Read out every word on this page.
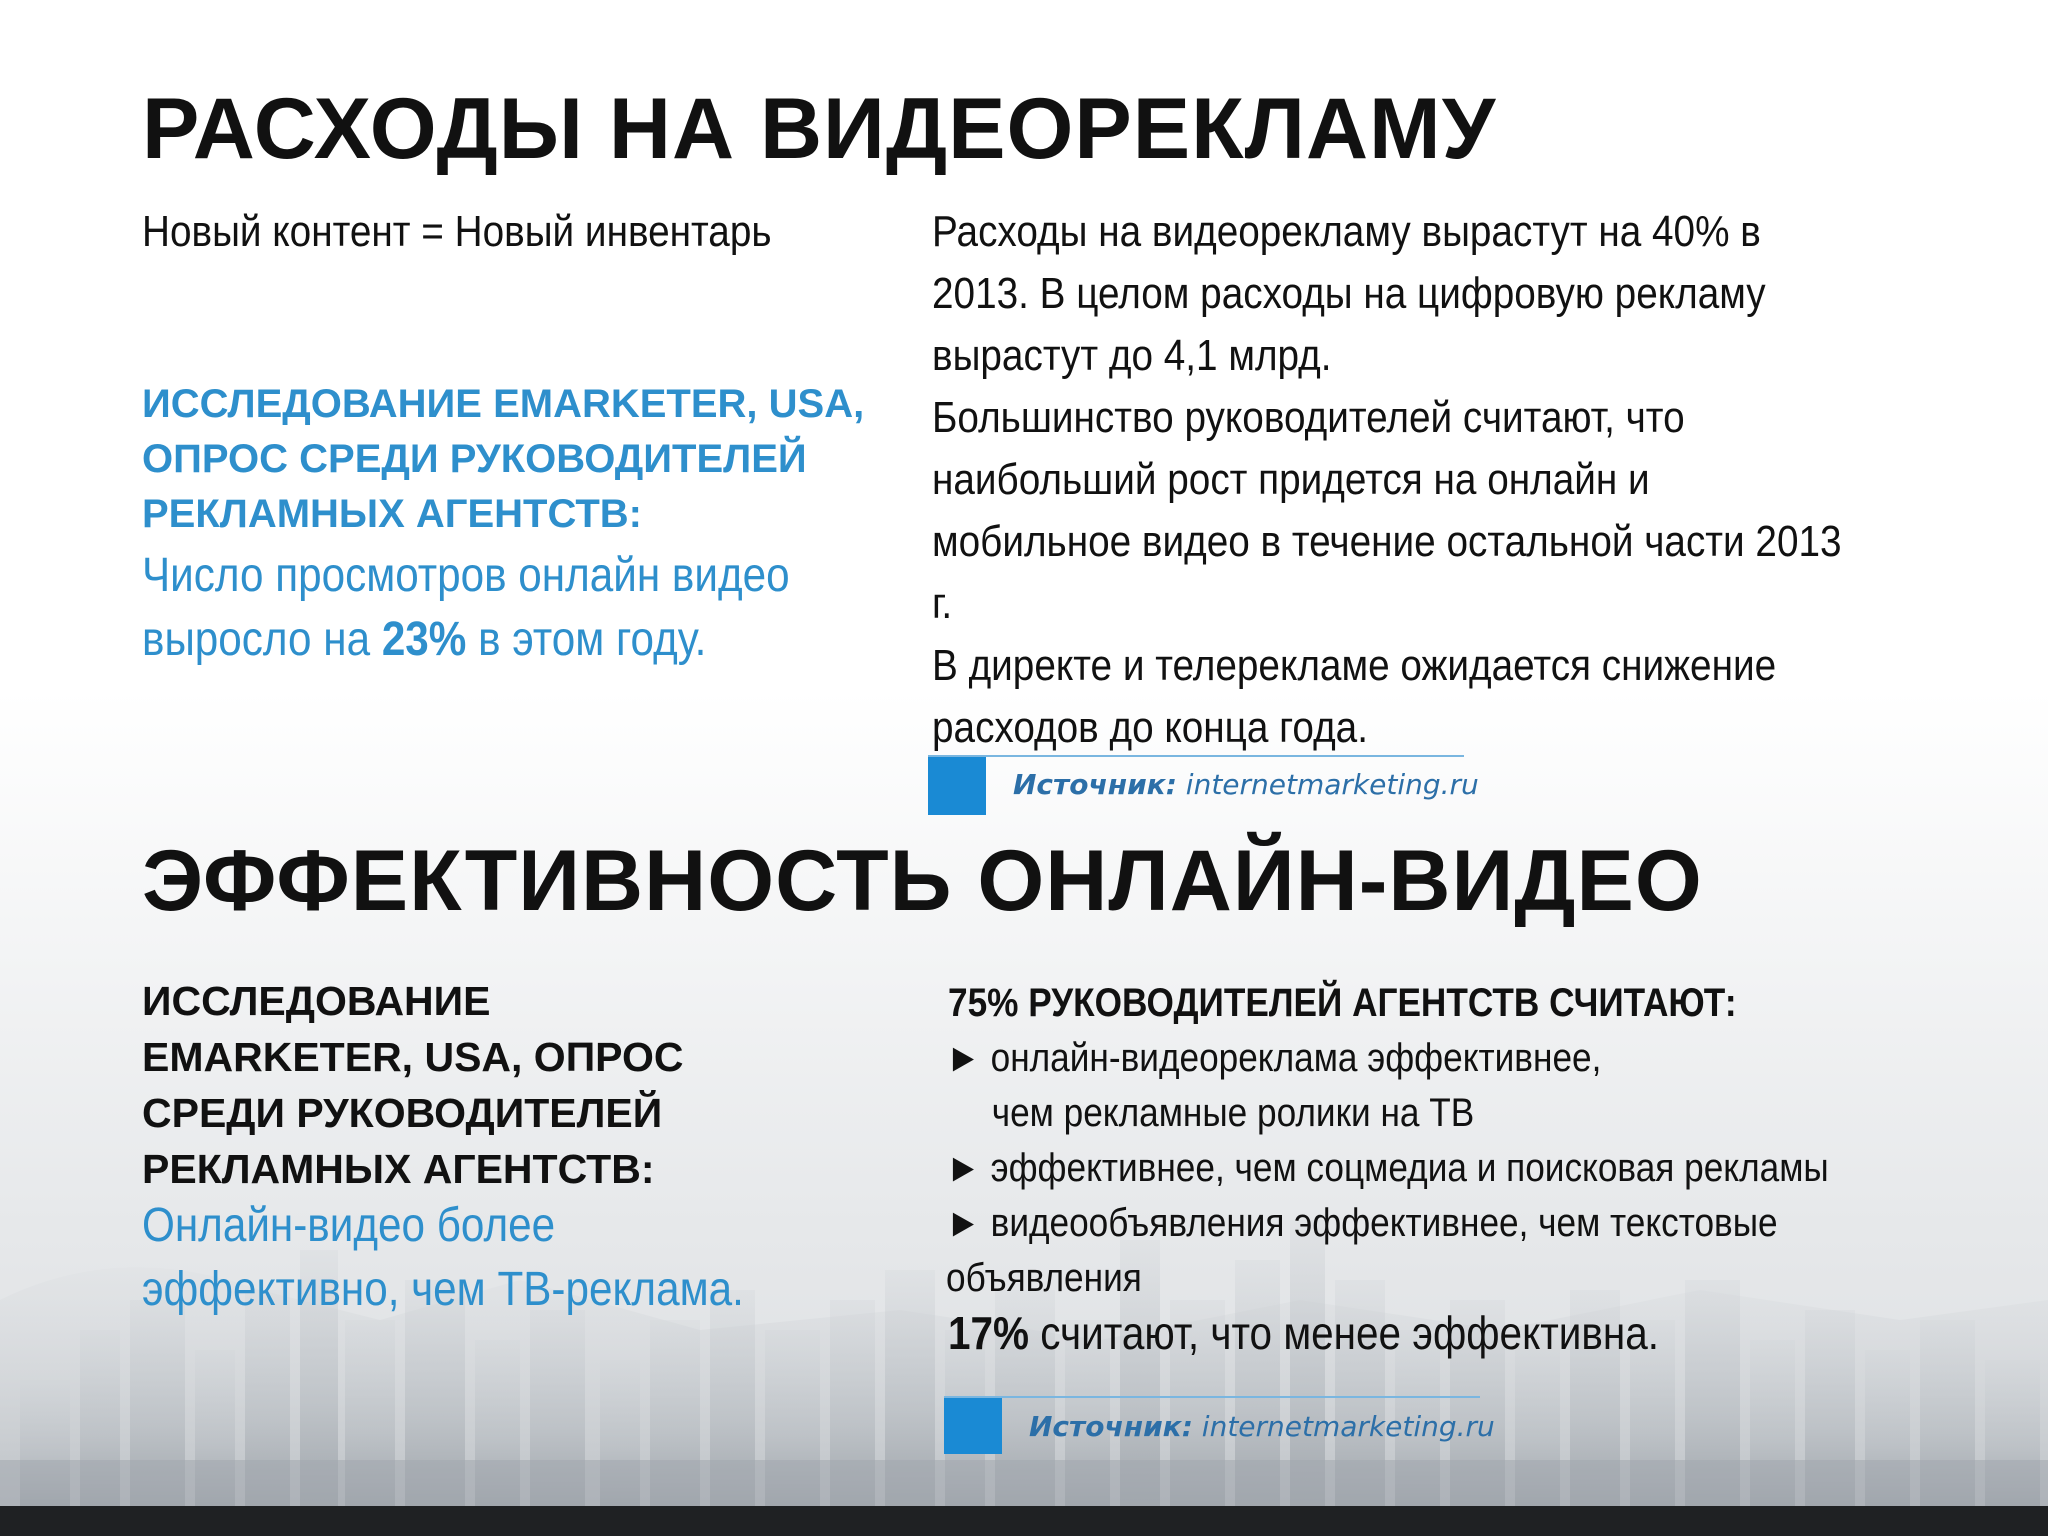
РАСХОДЫ НА ВИДЕОРЕКЛАМУ
Новый контент = Новый инвентарь
ИССЛЕДОВАНИЕ EMARKETER, USA,
ОПРОС СРЕДИ РУКОВОДИТЕЛЕЙ
РЕКЛАМНЫХ АГЕНТСТВ:
Число просмотров онлайн видео
выросло на 23% в этом году.
Расходы на видеорекламу вырастут на 40% в
2013. В целом расходы на цифровую рекламу
вырастут до 4,1 млрд.
Большинство руководителей считают, что
наибольший рост придется на онлайн и
мобильное видео в течение остальной части 2013
г.
В директе и телерекламе ожидается снижение
расходов до конца года.
Источник: internetmarketing.ru
ЭФФЕКТИВНОСТЬ ОНЛАЙН-ВИДЕО
ИССЛЕДОВАНИЕ
EMARKETER, USA, ОПРОС
СРЕДИ РУКОВОДИТЕЛЕЙ
РЕКЛАМНЫХ АГЕНТСТВ:
Онлайн-видео более
эффективно, чем ТВ-реклама.
75% РУКОВОДИТЕЛЕЙ АГЕНТСТВ СЧИТАЮТ:
► онлайн-видеореклама эффективнее,
чем рекламные ролики на ТВ
► эффективнее, чем соцмедиа и поисковая рекламы
► видеообъявления эффективнее, чем текстовые
объявления
17% считают, что менее эффективна.
Источник: internetmarketing.ru
